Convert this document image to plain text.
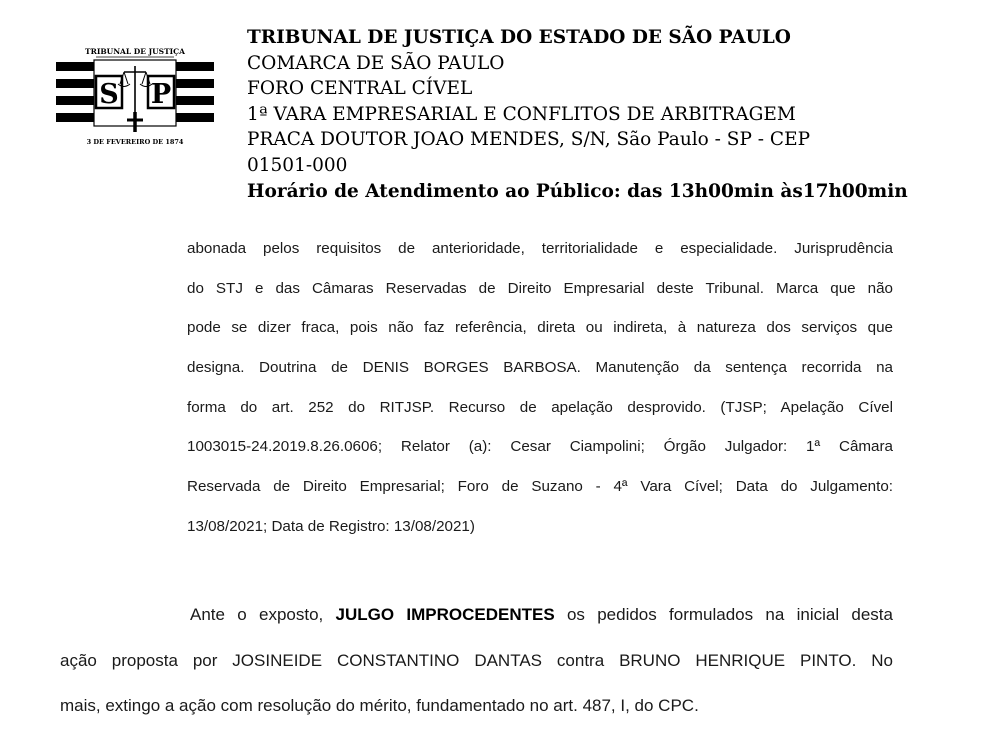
TRIBUNAL DE JUSTIÇA
S P
3 DE FEVEREIRO DE 1874
TRIBUNAL DE JUSTIÇA DO ESTADO DE SÃO PAULO
COMARCA DE SÃO PAULO
FORO CENTRAL CÍVEL
1ª VARA EMPRESARIAL E CONFLITOS DE ARBITRAGEM
PRACA DOUTOR JOAO MENDES, S/N, São Paulo - SP - CEP
01501-000
Horário de Atendimento ao Público: das 13h00min às17h00min
abonada pelos requisitos de anterioridade, territorialidade e especialidade. Jurisprudência
do STJ e das Câmaras Reservadas de Direito Empresarial deste Tribunal. Marca que não
pode se dizer fraca, pois não faz referência, direta ou indireta, à natureza dos serviços que
designa. Doutrina de DENIS BORGES BARBOSA. Manutenção da sentença recorrida na
forma do art. 252 do RITJSP. Recurso de apelação desprovido. (TJSP; Apelação Cível
1003015-24.2019.8.26.0606; Relator (a): Cesar Ciampolini; Órgão Julgador: 1ª Câmara
Reservada de Direito Empresarial; Foro de Suzano - 4ª Vara Cível; Data do Julgamento:
13/08/2021; Data de Registro: 13/08/2021)
Ante o exposto, JULGO IMPROCEDENTES os pedidos formulados na inicial desta
ação proposta por JOSINEIDE CONSTANTINO DANTAS contra BRUNO HENRIQUE PINTO. No
mais, extingo a ação com resolução do mérito, fundamentado no art. 487, I, do CPC.
